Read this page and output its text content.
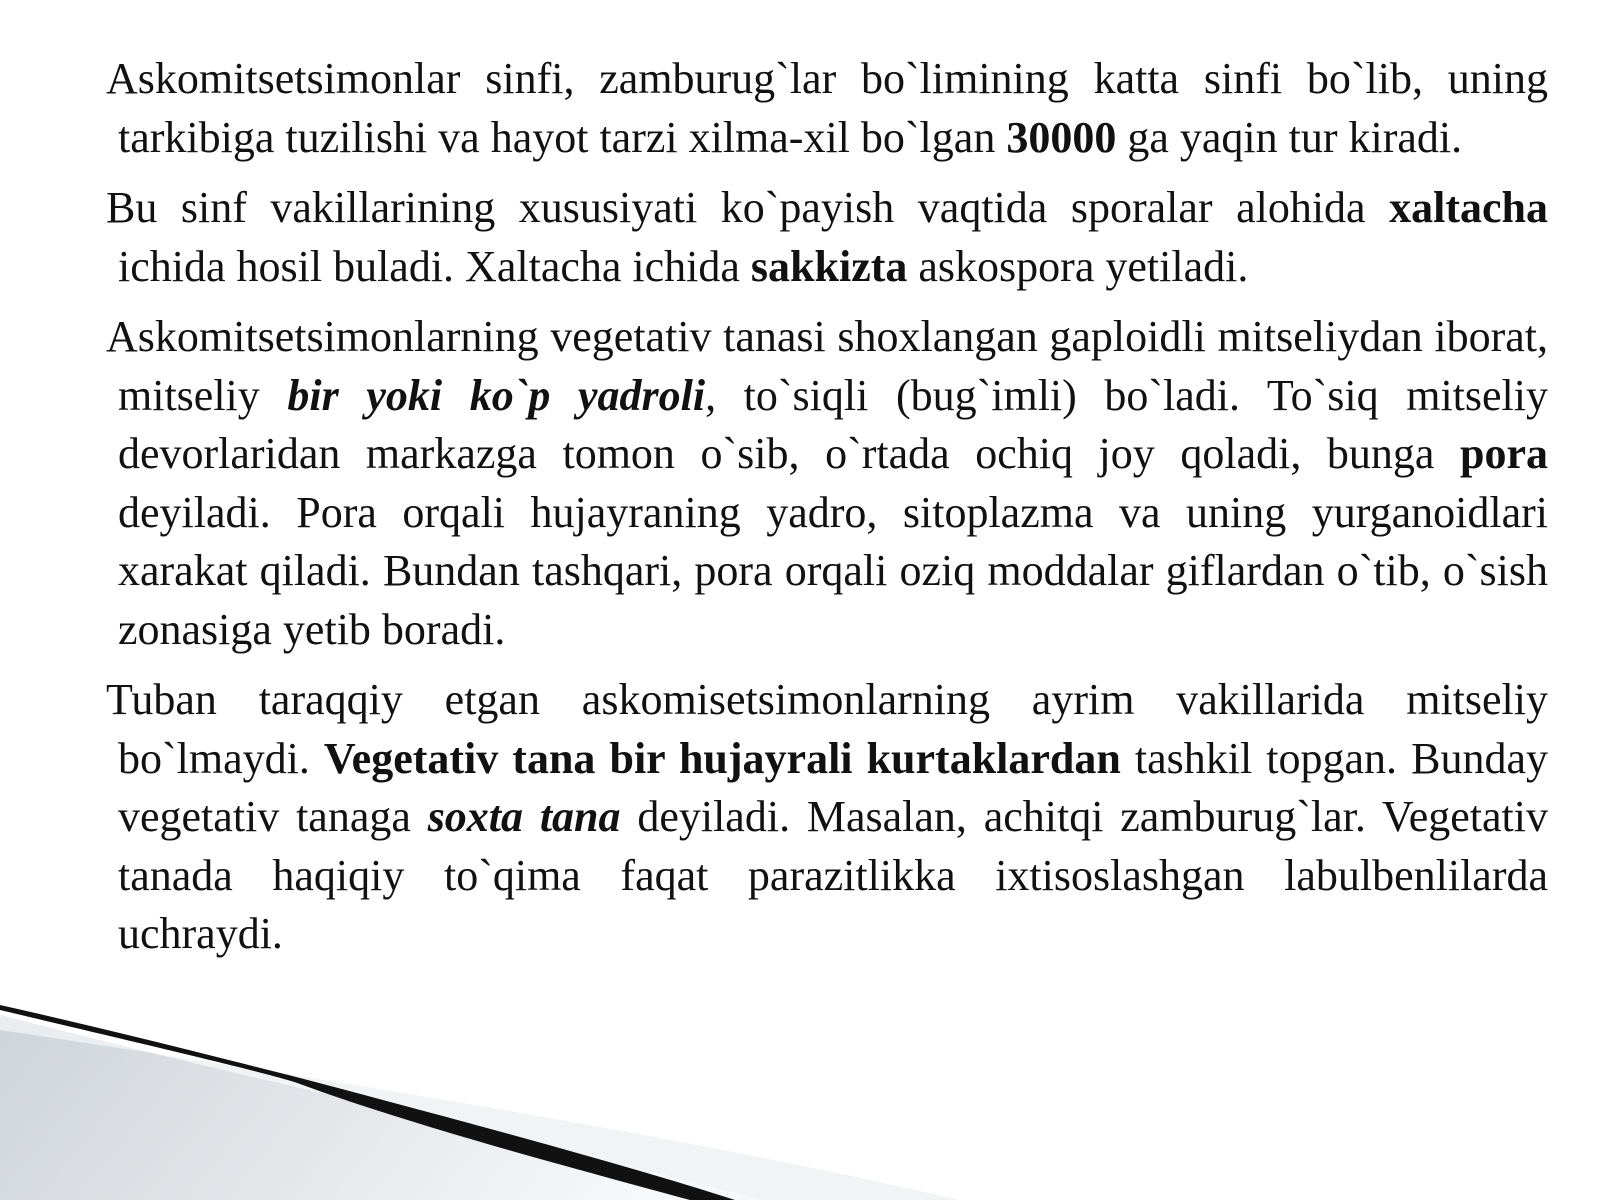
Askomitsetsimonlar sinfi, zamburug`lar bo`limining katta sinfi bo`lib, uning tarkibiga tuzilishi va hayot tarzi xilma-xil bo`lgan 30000 ga yaqin tur kiradi.

Bu sinf vakillarining xususiyati ko`payish vaqtida sporalar alohida xaltacha ichida hosil buladi. Xaltacha ichida sakkizta askospora yetiladi.

Askomitsetsimonlarning vegetativ tanasi shoxlangan gaploidli mitseliydan iborat, mitseliy bir yoki ko`p yadroli, to`siqli (bug`imli) bo`ladi. To`siq mitseliy devorlaridan markazga tomon o`sib, o`rtada ochiq joy qoladi, bunga pora deyiladi. Pora orqali hujayraning yadro, sitoplazma va uning yurganoidlari xarakat qiladi. Bundan tashqari, pora orqali oziq moddalar giflardan o`tib, o`sish zonasiga yetib boradi.

Tuban taraqqiy etgan askomisetsimonlarning ayrim vakillarida mitseliy bo`lmaydi. Vegetativ tana bir hujayrali kurtaklardan tashkil topgan. Bunday vegetativ tanaga soxta tana deyiladi. Masalan, achitqi zamburug`lar. Vegetativ tanada haqiqiy to`qima faqat parazitlikka ixtisoslashgan labulbenlilarda uchraydi.
